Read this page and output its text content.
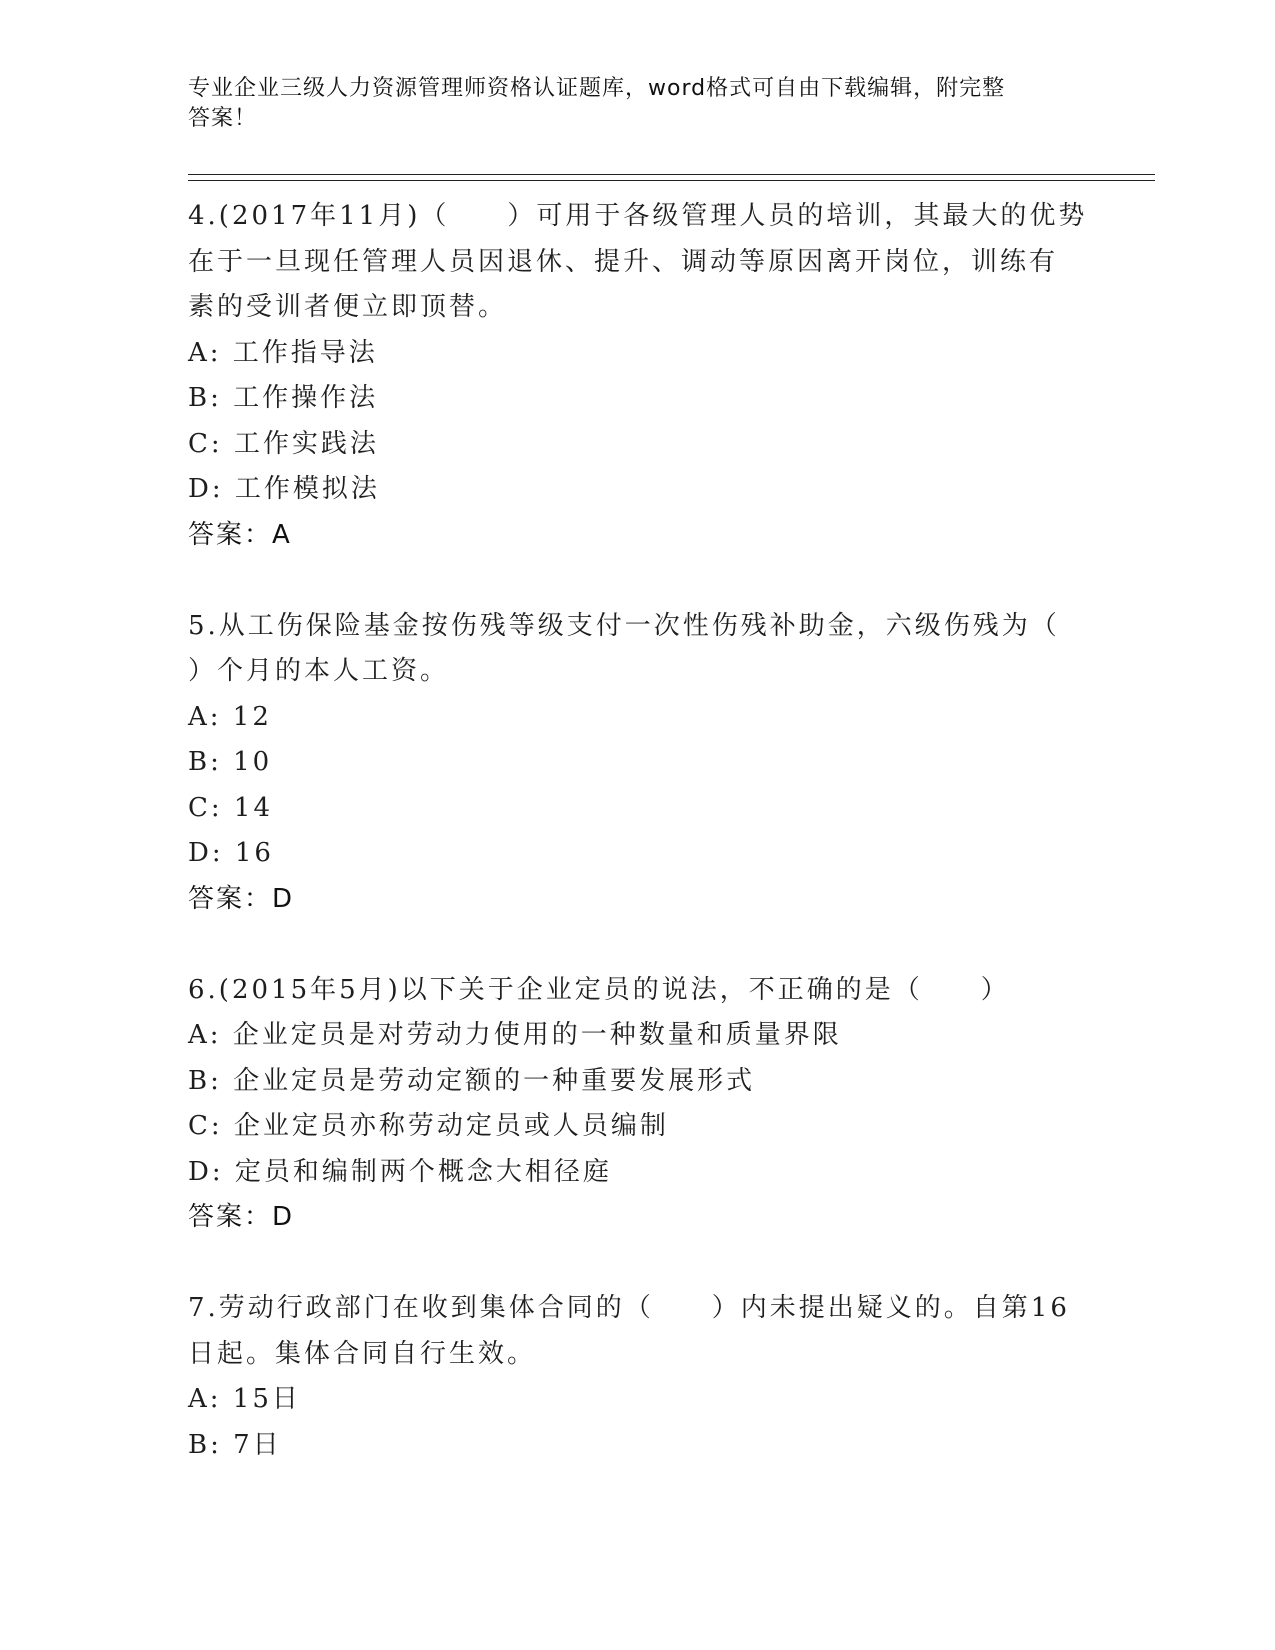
专业企业三级人力资源管理师资格认证题库，word格式可自由下载编辑，附完整
答案！
4.(2017年11月)（　　）可用于各级管理人员的培训，其最大的优势
在于一旦现任管理人员因退休、提升、调动等原因离开岗位，训练有
素的受训者便立即顶替。
A: 工作指导法
B: 工作操作法
C: 工作实践法
D: 工作模拟法
答案：A
5.从工伤保险基金按伤残等级支付一次性伤残补助金，六级伤残为（
）个月的本人工资。
A: 12
B: 10
C: 14
D: 16
答案：D
6.(2015年5月)以下关于企业定员的说法，不正确的是（　　）
A: 企业定员是对劳动力使用的一种数量和质量界限
B: 企业定员是劳动定额的一种重要发展形式
C: 企业定员亦称劳动定员或人员编制
D: 定员和编制两个概念大相径庭
答案：D
7.劳动行政部门在收到集体合同的（　　）内未提出疑义的。自第16
日起。集体合同自行生效。
A: 15日
B: 7日
